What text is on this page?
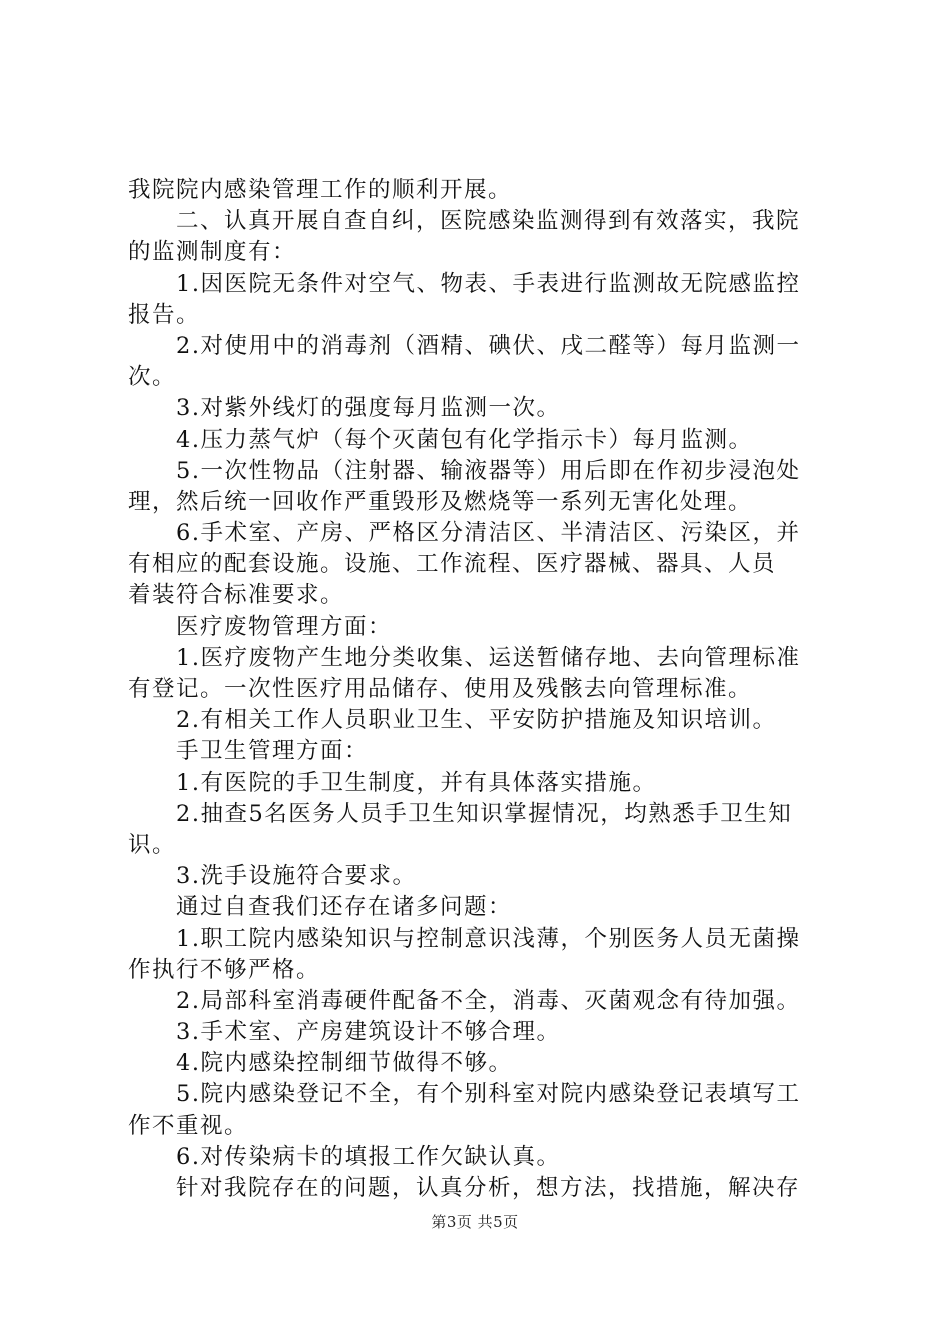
我院院内感染管理工作的顺利开展。
二、认真开展自查自纠，医院感染监测得到有效落实，我院
的监测制度有：
1.因医院无条件对空气、物表、手表进行监测故无院感监控
报告。
2.对使用中的消毒剂（酒精、碘伏、戌二醛等）每月监测一
次。
3.对紫外线灯的强度每月监测一次。
4.压力蒸气炉（每个灭菌包有化学指示卡）每月监测。
5.一次性物品（注射器、输液器等）用后即在作初步浸泡处
理，然后统一回收作严重毁形及燃烧等一系列无害化处理。
6.手术室、产房、严格区分清洁区、半清洁区、污染区，并
有相应的配套设施。设施、工作流程、医疗器械、器具、人员
着装符合标准要求。
医疗废物管理方面：
1.医疗废物产生地分类收集、运送暂储存地、去向管理标准
有登记。一次性医疗用品储存、使用及残骸去向管理标准。
2.有相关工作人员职业卫生、平安防护措施及知识培训。
手卫生管理方面：
1.有医院的手卫生制度，并有具体落实措施。
2.抽查5名医务人员手卫生知识掌握情况，均熟悉手卫生知
识。
3.洗手设施符合要求。
通过自查我们还存在诸多问题：
1.职工院内感染知识与控制意识浅薄，个别医务人员无菌操
作执行不够严格。
2.局部科室消毒硬件配备不全，消毒、灭菌观念有待加强。
3.手术室、产房建筑设计不够合理。
4.院内感染控制细节做得不够。
5.院内感染登记不全，有个别科室对院内感染登记表填写工
作不重视。
6.对传染病卡的填报工作欠缺认真。
针对我院存在的问题，认真分析，想方法，找措施，解决存
第3页 共5页
